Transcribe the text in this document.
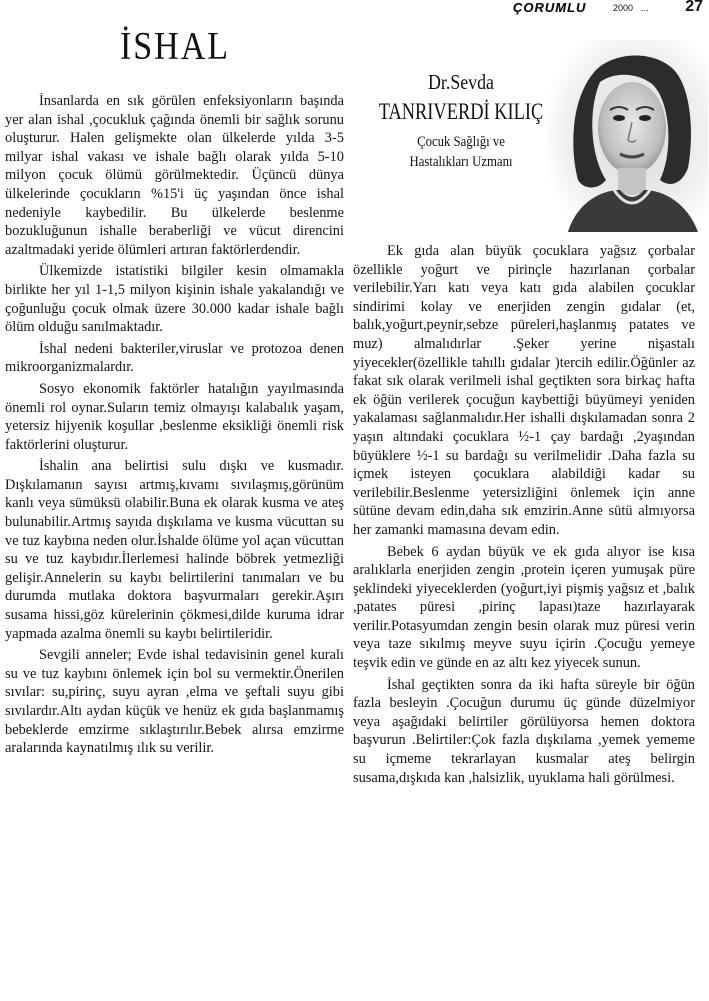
ÇORUMLU	2000 ... 27
İSHAL

İnsanlarda en sık görülen enfeksiyonların başında yer alan ishal ,çocukluk çağında önemli bir sağlık sorunu oluşturur. Halen gelişmekte olan ülkelerde yılda 3-5 milyar ishal vakası ve ishale bağlı olarak yılda 5-10 milyon çocuk ölümü görülmektedir. Üçüncü dünya ülkelerinde çocukların %15'i üç yaşından önce ishal nedeniyle kaybedilir. Bu ülkelerde beslenme bozukluğunun ishalle beraberliği ve vücut direncini azaltmadaki yeride ölümleri artıran faktörlerdendir.

Ülkemizde istatistiki bilgiler kesin olmamakla birlikte her yıl 1-1,5 milyon kişinin ishale yakalandığı ve çoğunluğu çocuk olmak üzere 30.000 kadar ishale bağlı ölüm olduğu sanılmaktadır.

İshal nedeni bakteriler,viruslar ve protozoa denen mikroorganizmalardır.

Sosyo ekonomik faktörler hatalığın yayılmasında önemli rol oynar.Suların temiz olmayışı kalabalık yaşam, yetersiz hijyenik koşullar ,beslenme eksikliği önemli risk faktörlerini oluşturur.

İshalin ana belirtisi sulu dışkı ve kusmadır. Dışkılamanın sayısı artmış,kıvamı sıvılaşmış,görünüm kanlı veya sümüksü olabilir.Buna ek olarak kusma ve ateş bulunabilir.Artmış sayıda dışkılama ve kusma vücuttan su ve tuz kaybına neden olur.İshalde ölüme yol açan vücuttan su ve tuz kaybıdır.İlerlemesi halinde böbrek yetmezliği gelişir.Annelerin su kaybı belirtilerini tanımaları ve bu durumda mutlaka doktora başvurmaları gerekir.Aşırı susama hissi,göz kürelerinin çökmesi,dilde kuruma idrar yapmada azalma önemli su kaybı belirtileridir.

Sevgili anneler; Evde ishal tedavisinin genel kuralı su ve tuz kaybını önlemek için bol su vermektir.Önerilen sıvılar: su,pirinç, suyu ayran ,elma ve şeftali suyu gibi sıvılardır.Altı aydan küçük ve henüz ek gıda başlanmamış bebeklerde emzirme sıklaştırılır.Bebek alırsa emzirme aralarında kaynatılmış ılık su verilir.

Dr.Sevda
TANRIVERDİ KILIÇ
Çocuk Sağlığı ve
Hastalıkları Uzmanı

Ek gıda alan büyük çocuklara yağsız çorbalar özellikle yoğurt ve pirinçle hazırlanan çorbalar verilebilir.Yarı katı veya katı gıda alabilen çocuklar sindirimi kolay ve enerjiden zengin gıdalar (et, balık,yoğurt,peynir,sebze püreleri,haşlanmış patates ve muz) almalıdırlar .Şeker yerine nişastalı yiyecekler(özellikle tahıllı gıdalar )tercih edilir.Öğünler az fakat sık olarak verilmeli ishal geçtikten sora birkaç hafta ek öğün verilerek çocuğun kaybettiği büyümeyi yeniden yakalaması sağlanmalıdır.Her ishalli dışkılamadan sonra 2 yaşın altındaki çocuklara ½-1 çay bardağı ,2yaşından büyüklere ½-1 su bardağı su verilmelidir .Daha fazla su içmek isteyen çocuklara alabildiği kadar su verilebilir.Beslenme yetersizliğini önlemek için anne sütüne devam edin,daha sık emzirin.Anne sütü almıyorsa her zamanki mamasına devam edin.

Bebek 6 aydan büyük ve ek gıda alıyor ise kısa aralıklarla enerjiden zengin ,protein içeren yumuşak püre şeklindeki yiyeceklerden (yoğurt,iyi pişmiş yağsız et ,balık ,patates püresi ,pirinç lapası)taze hazırlayarak verilir.Potasyumdan zengin besin olarak muz püresi verin veya taze sıkılmış meyve suyu içirin .Çocuğu yemeye teşvik edin ve günde en az altı kez yiyecek sunun.

İshal geçtikten sonra da iki hafta süreyle bir öğün fazla besleyin .Çocuğun durumu üç günde düzelmiyor veya aşağıdaki belirtiler görülüyorsa hemen doktora başvurun .Belirtiler:Çok fazla dışkılama ,yemek yememe su içmeme tekrarlayan kusmalar ateş belirgin susama,dışkıda kan ,halsizlik, uyuklama hali görülmesi.
